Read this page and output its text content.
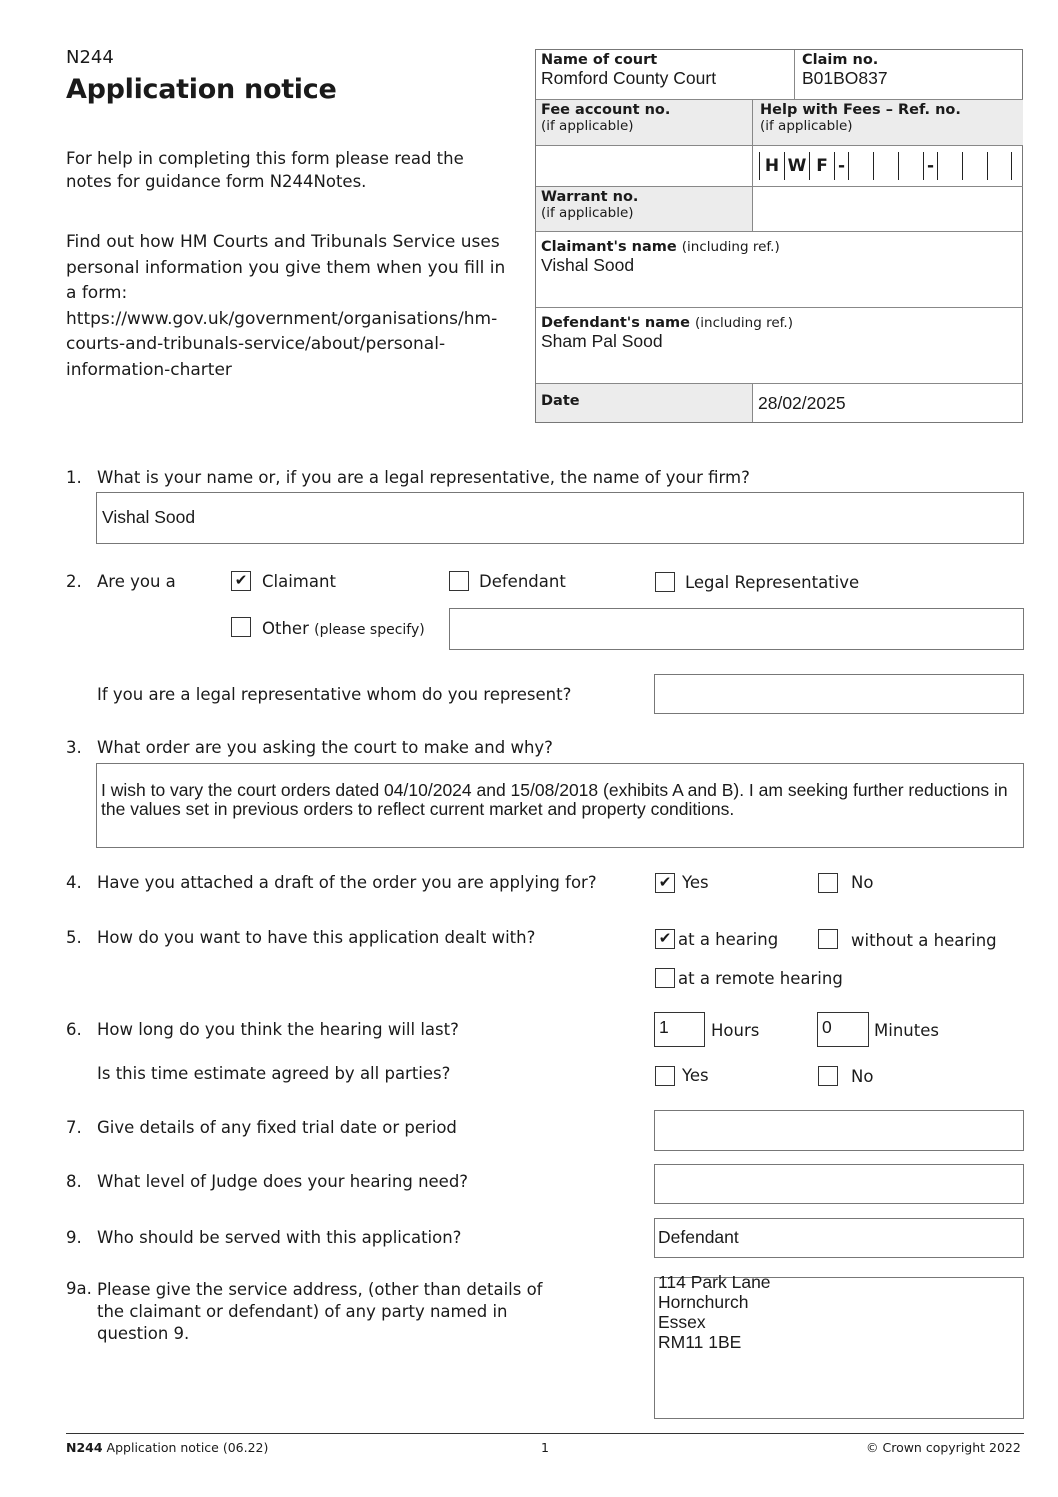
N244
Application notice
For help in completing this form please read the notes for guidance form N244Notes.
Find out how HM Courts and Tribunals Service uses personal information you give them when you fill in a form: https://www.gov.uk/government/organisations/hm-courts-and-tribunals-service/about/personal-information-charter
Name of court
Romford County Court
Claim no.
B01BO837
Fee account no.
(if applicable)
Help with Fees – Ref. no.
(if applicable)
H W F -	-
Warrant no.
(if applicable)
Claimant's name (including ref.)
Vishal Sood
Defendant's name (including ref.)
Sham Pal Sood
Date	28/02/2025
1. What is your name or, if you are a legal representative, the name of your firm?
Vishal Sood
2. Are you a	✔ Claimant	Defendant	Legal Representative
Other (please specify)
If you are a legal representative whom do you represent?
3. What order are you asking the court to make and why?
I wish to vary the court orders dated 04/10/2024 and 15/08/2018 (exhibits A and B). I am seeking further reductions in the values set in previous orders to reflect current market and property conditions.
4. Have you attached a draft of the order you are applying for?	✔ Yes	No
5. How do you want to have this application dealt with?	✔ at a hearing	without a hearing
at a remote hearing
6. How long do you think the hearing will last?	1	Hours	0	Minutes
Is this time estimate agreed by all parties?	Yes	No
7. Give details of any fixed trial date or period
8. What level of Judge does your hearing need?
9. Who should be served with this application?	Defendant
9a. Please give the service address, (other than details of the claimant or defendant) of any party named in question 9.
114 Park Lane
Hornchurch
Essex
RM11 1BE
N244 Application notice (06.22)	1	© Crown copyright 2022
